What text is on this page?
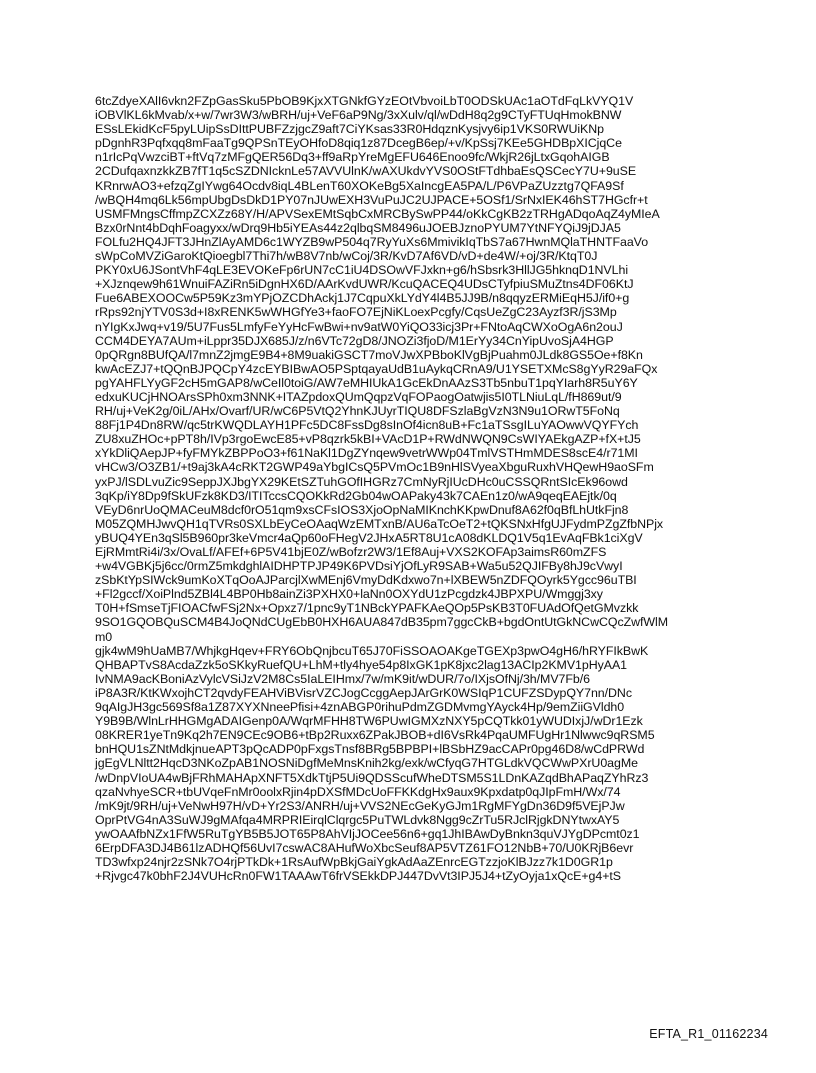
6tcZdyeXAlI6vkn2FZpGasSku5PbOB9KjxXTGNkfGYzEOtVbvoiLbT0ODSkUAc1aOTdFqLkVYQ1V
iOBVlKL6kMvab/x+w/7wr3W3/wBRH/uj+VeF6aP9Ng/3xXulv/ql/wDdH8q2g9CTyFTUqHmokBNW
ESsLEkidKcF5pyLUipSsDIttPUBFZzjgcZ9aft7CiYKsas33R0HdqznKysjvy6ip1VKS0RWUiKNp
pDgnhR3Pqfxqq8mFaaTg9QPSnTEyOHfoD8qiq1z87DcegB6ep/+v/KpSsj7KEe5GHDBpXICjqCe
n1rIcPqVwzciBT+ftVq7zMFgQER56Dq3+ff9aRpYreMgEFU646Enoo9fc/WkjR26jLtxGqohAIGB
2CDufqaxnzkkZB7fT1q5cSZDNIcknLe57AVVUlnK/wAXUkdvYVS0OStFTdhbaEsQSCecY7U+9uSE
KRnrwAO3+efzqZgIYwg64Ocdv8iqL4BLenT60XOKeBg5XaIncgEA5PA/L/P6VPaZUzztg7QFA9Sf
/wBQH4mq6Lk56mpUbgDsDkD1PY07nJUwEXH3VuPuJC2UJPACE+5OSf1/SrNxIEK46hST7HGcfr+t
USMFMngsCffmpZCXZz68Y/H/APVSexEMtSqbCxMRCBySwPP44/oKkCgKB2zTRHgADqoAqZ4yMIeA
Bzx0rNnt4bDqhFoagyxx/wDrq9Hb5iYEAs44z2qlbqSM8496uJOEBJznoPYUM7YtNFYQiJ9jDJA5
FOLfu2HQ4JFT3JHnZlAyAMD6c1WYZB9wP504q7RyYuXs6MmivikIqTbS7a67HwnMQlaTHNTFaaVo
sWpCoMVZiGaroKtQioegbl7Thi7h/wB8V7nb/wCoj/3R/KvD7Af6VD/vD+de4W/+oj/3R/KtqT0J
PKY0xU6JSontVhF4qLE3EVOKeFp6rUN7cC1iU4DSOwVFJxkn+g6/hSbsrk3HllJG5hknqD1NVLhi
+XJznqew9h61WnuiFAZiRn5iDgnHX6D/AArKvdUWR/KcuQACEQ4UDsCTyfpiuSMuZtns4DF06KtJ
Fue6ABEXOOCw5P59Kz3mYPjOZCDhAckj1J7CqpuXkLYdY4l4B5JJ9B/n8qqyzERMiEqH5J/if0+g
rRps92njYTV0S3d+I8xRENK5wWHGfYe3+faoFO7EjNiKLoexPcgfy/CqsUeZgC23Ayzf3R/jS3Mp
nYIgKxJwq+v19/5U7Fus5LmfyFeYyHcFwBwi+nv9atW0YiQO33icj3Pr+FNtoAqCWXoOgA6n2ouJ
CCM4DEYA7AUm+iLppr35DJX685J/z/n6VTc72gD8/JNOZi3fjoD/M1ErYy34CnYipUvoSjA4HGP
0pQRgn8BUfQA/l7mnZ2jmgE9B4+8M9uakiGSCT7moVJwXPBboKlVgBjPuahm0JLdk8GS5Oe+f8Kn
kwAcEZJ7+tQQnBJPQCpY4zcEYBIBwAO5PSptqayaUdB1uAykqCRnA9/U1YSETXMcS8gYyR29aFQx
pgYAHFLYyGF2cH5mGAP8/wCeIl0toiG/AW7eMHIUkA1GcEkDnAAzS3Tb5nbuT1pqYIarh8R5uY6Y
edxuKUCjHNOArsSPh0xm3NNK+ITAZpdoxQUmQqpzVqFOPaogOatwjis5I0TLNiuLqL/fH869ut/9
RH/uj+VeK2g/0iL/AHx/Ovarf/UR/wC6P5VtQ2YhnKJUyrTIQU8DFSzlaBgVzN3N9u1ORwT5FoNq
88Fj1P4Dn8RW/qc5trKWQDLAYH1PFc5DC8FssDg8sInOf4icn8uB+Fc1aTSsgILuYAOwwVQYFYch
ZU8xuZHOc+pPT8h/IVp3rgoEwcE85+vP8qzrk5kBI+VAcD1P+RWdNWQN9CsWIYAEkgAZP+fX+tJ5
xYkDliQAepJP+fyFMYkZBPPoO3+f61NaKl1DgZYnqew9vetrWWp04TmlVSTHmMDES8scE4/r71MI
vHCw3/O3ZB1/+t9aj3kA4cRKT2GWP49aYbgICsQ5PVmOc1B9nHlSVyeaXbguRuxhVHQewH9aoSFm
yxPJ/lSDLvuZic9SeppJXJbgYX29KEtSZTuhGOfIHGRz7CmNyRjIUcDHc0uCSSQRntSIcEk96owd
3qKp/iY8Dp9fSkUFzk8KD3/ITITccsCQOKkRd2Gb04wOAPaky43k7CAEn1z0/wA9qeqEAEjtk/0q
VEyD6nrUoQMACeuM8dcf0rO51qm9xsCFsIOS3XjoOpNaMIKnchKKpwDnuf8A62f0qBfLhUtkFjn8
M05ZQMHJwvQH1qTVRs0SXLbEyCeOAaqWzEMTxnB/AU6aTcOeT2+tQKSNxHfgUJFydmPZgZfbNPjx
yBUQ4YEn3qSl5B960pr3keVmcr4aQp60oFHegV2JHxA5RT8U1cA08dKLDQ1V5q1EvAqFBk1ciXgV
EjRMmtRi4i/3x/OvaLf/AFEf+6P5V41bjE0Z/wBofzr2W3/1Ef8Auj+VXS2KOFAp3aimsR60mZFS
+w4VGBKj5j6cc/0rmZ5mkdghlAIDHPTPJP49K6PVDsiYjOfLyR9SAB+Wa5u52QJIFBy8hJ9cVwyI
zSbKtYpSIWck9umKoXTqOoAJParcjlXwMEnj6VmyDdKdxwo7n+lXBEW5nZDFQOyrk5Ygcc96uTBI
+Fl2gccf/XoiPlnd5ZBl4L4BP0Hb8ainZi3PXHX0+laNn0OXYdU1zPcgdzk4JBPXPU/Wmggj3xy
T0H+fSmseTjFIOACfwFSj2Nx+Opxz7/1pnc9yT1NBckYPAFKAeQOp5PsKB3T0FUAdOfQetGMvzkk
9SO1GQOBQuSCM4B4JoQNdCUgEbB0HXH6AUA847dB35pm7ggcCkB+bgdOntUtGkNCwCQcZwfWlM
m0
gjk4wM9hUaMB7/WhjkgHqev+FRY6ObQnjbcuT65J70FiSSOAOAKgeTGEXp3pwO4gH6/hRYFIkBwK
QHBAPTvS8AcdaZzk5oSKkyRuefQU+LhM+tly4hye54p8IxGK1pK8jxc2lag13ACIp2KMV1pHyAA1
IvNMA9acKBoniAzVylcVSiJzV2M8Cs5IaLEIHmx/7w/mK9it/wDUR/7o/IXjsOfNj/3h/MV7Fb/6
iP8A3R/KtKWxojhCT2qvdyFEAHViBVisrVZCJogCcggAepJArGrK0WSIqP1CUFZSDypQY7nn/DNc
9qAIgJH3gc569Sf8a1Z87XYXNneePfisi+4znABGP0rihuPdmZGDMvmgYAyck4Hp/9emZiiGVldh0
Y9B9B/WlnLrHHGMgADAIGenp0A/WqrMFHH8TW6PUwIGMXzNXY5pCQTkk01yWUDIxjJ/wDr1Ezk
08KRER1yeTn9Kq2h7EN9CEc9OB6+tBp2Ruxx6ZPakJBOB+dI6VsRk4PqaUMFUgHr1Nlwwc9qRSM5
bnHQU1sZNtMdkjnueAPT3pQcADP0pFxgsTnsf8BRg5BPBPI+lBSbHZ9acCAPr0pg46D8/wCdPRWd
jgEgVLNltt2HqcD3NKoZpAB1NOSNiDgfMeMnsKnih2kg/exk/wCfyqG7HTGLdkVQCWwPXrU0agMe
/wDnpVIoUA4wBjFRhMAHApXNFT5XdkTtjP5Ui9QDSScufWheDTSM5S1LDnKAZqdBhAPaqZYhRz3
qzaNvhyeSCR+tbUVqeFnMr0oolxRjin4pDXSfMDcUoFFKKdgHx9aux9Kpxdatp0qJIpFmH/Wx/74
/mK9jt/9RH/uj+VeNwH97H/vD+Yr2S3/ANRH/uj+VVS2NEcGeKyGJm1RgMFYgDn36D9f5VEjPJw
OprPtVG4nA3SuWJ9gMAfqa4MRPRIEirqlClqrgc5PuTWLdvk8Ngg9cZrTu5RJclRjgkDNYtwxAY5
ywOAAfbNZx1FfW5RuTgYB5B5JOT65P8AhVIjJOCee56n6+gq1JhIBAwDyBnkn3quVJYgDPcmt0z1
6ErpDFA3DJ4B61lzADHQf56UvI7cswAC8AHufWoXbcSeuf8AP5VTZ61FO12NbB+70/U0KRjB6evr
TD3wfxp24njr2zSNk7O4rjPTkDk+1RsAufWpBkjGaiYgkAdAaZEnrcEGTzzjoKlBJzz7k1D0GR1p
+Rjvgc47k0bhF2J4VUHcRn0FW1TAAAwT6frVSEkkDPJ447DvVt3IPJ5J4+tZyOyja1xQcE+g4+tS
EFTA_R1_01162234
